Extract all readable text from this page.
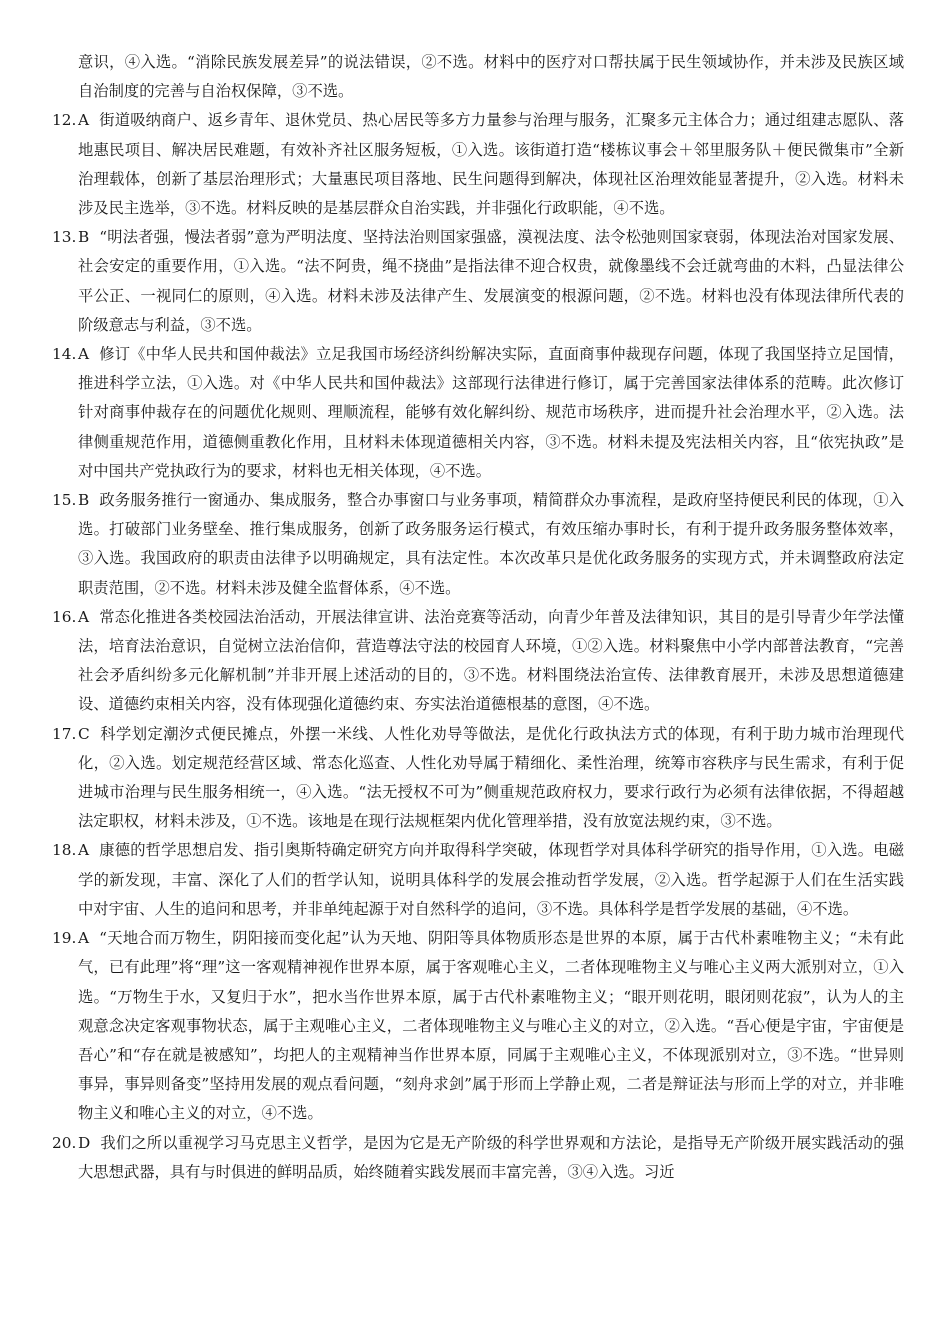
意识，④入选。“消除民族发展差异”的说法错误，②不选。材料中的医疗对口帮扶属于民生领域协作，并未涉及民族区域自治制度的完善与自治权保障，③不选。

12. A 街道吸纳商户、返乡青年、退休党员、热心居民等多方力量参与治理与服务，汇聚多元主体合力；通过组建志愿队、落地惠民项目、解决居民难题，有效补齐社区服务短板，①入选。该街道打造“楼栋议事会＋邻里服务队＋便民微集市”全新治理载体，创新了基层治理形式；大量惠民项目落地、民生问题得到解决，体现社区治理效能显著提升，②入选。材料未涉及民主选举，③不选。材料反映的是基层群众自治实践，并非强化行政职能，④不选。

13. B “明法者强，慢法者弱”意为严明法度、坚持法治则国家强盛，漠视法度、法令松弛则国家衰弱，体现法治对国家发展、社会安定的重要作用，①入选。“法不阿贵，绳不挠曲”是指法律不迎合权贵，就像墨线不会迁就弯曲的木料，凸显法律公平公正、一视同仁的原则，④入选。材料未涉及法律产生、发展演变的根源问题，②不选。材料也没有体现法律所代表的阶级意志与利益，③不选。

14. A 修订《中华人民共和国仲裁法》立足我国市场经济纠纷解决实际，直面商事仲裁现存问题，体现了我国坚持立足国情，推进科学立法，①入选。对《中华人民共和国仲裁法》这部现行法律进行修订，属于完善国家法律体系的范畴。此次修订针对商事仲裁存在的问题优化规则、理顺流程，能够有效化解纠纷、规范市场秩序，进而提升社会治理水平，②入选。法律侧重规范作用，道德侧重教化作用，且材料未体现道德相关内容，③不选。材料未提及宪法相关内容，且“依宪执政”是对中国共产党执政行为的要求，材料也无相关体现，④不选。

15. B 政务服务推行一窗通办、集成服务，整合办事窗口与业务事项，精简群众办事流程，是政府坚持便民利民的体现，①入选。打破部门业务壁垒、推行集成服务，创新了政务服务运行模式，有效压缩办事时长，有利于提升政务服务整体效率，③入选。我国政府的职责由法律予以明确规定，具有法定性。本次改革只是优化政务服务的实现方式，并未调整政府法定职责范围，②不选。材料未涉及健全监督体系，④不选。

16. A 常态化推进各类校园法治活动，开展法律宣讲、法治竞赛等活动，向青少年普及法律知识，其目的是引导青少年学法懂法，培育法治意识，自觉树立法治信仰，营造尊法守法的校园育人环境，①②入选。材料聚焦中小学内部普法教育，“完善社会矛盾纠纷多元化解机制”并非开展上述活动的目的，③不选。材料围绕法治宣传、法律教育展开，未涉及思想道德建设、道德约束相关内容，没有体现强化道德约束、夯实法治道德根基的意图，④不选。

17. C 科学划定潮汐式便民摊点，外摆一米线、人性化劝导等做法，是优化行政执法方式的体现，有利于助力城市治理现代化，②入选。划定规范经营区域、常态化巡查、人性化劝导属于精细化、柔性治理，统筹市容秩序与民生需求，有利于促进城市治理与民生服务相统一，④入选。“法无授权不可为”侧重规范政府权力，要求行政行为必须有法律依据，不得超越法定职权，材料未涉及，①不选。该地是在现行法规框架内优化管理举措，没有放宽法规约束，③不选。

18. A 康德的哲学思想启发、指引奥斯特确定研究方向并取得科学突破，体现哲学对具体科学研究的指导作用，①入选。电磁学的新发现，丰富、深化了人们的哲学认知，说明具体科学的发展会推动哲学发展，②入选。哲学起源于人们在生活实践中对宇宙、人生的追问和思考，并非单纯起源于对自然科学的追问，③不选。具体科学是哲学发展的基础，④不选。

19. A “天地合而万物生，阴阳接而变化起”认为天地、阴阳等具体物质形态是世界的本原，属于古代朴素唯物主义；“未有此气，已有此理”将“理”这一客观精神视作世界本原，属于客观唯心主义，二者体现唯物主义与唯心主义两大派别对立，①入选。“万物生于水，又复归于水”，把水当作世界本原，属于古代朴素唯物主义；“眼开则花明，眼闭则花寂”，认为人的主观意念决定客观事物状态，属于主观唯心主义，二者体现唯物主义与唯心主义的对立，②入选。“吾心便是宇宙，宇宙便是吾心”和“存在就是被感知”，均把人的主观精神当作世界本原，同属于主观唯心主义，不体现派别对立，③不选。“世异则事异，事异则备变”坚持用发展的观点看问题，“刻舟求剑”属于形而上学静止观，二者是辩证法与形而上学的对立，并非唯物主义和唯心主义的对立，④不选。

20. D 我们之所以重视学习马克思主义哲学，是因为它是无产阶级的科学世界观和方法论，是指导无产阶级开展实践活动的强大思想武器，具有与时俱进的鲜明品质，始终随着实践发展而丰富完善，③④入选。习近
